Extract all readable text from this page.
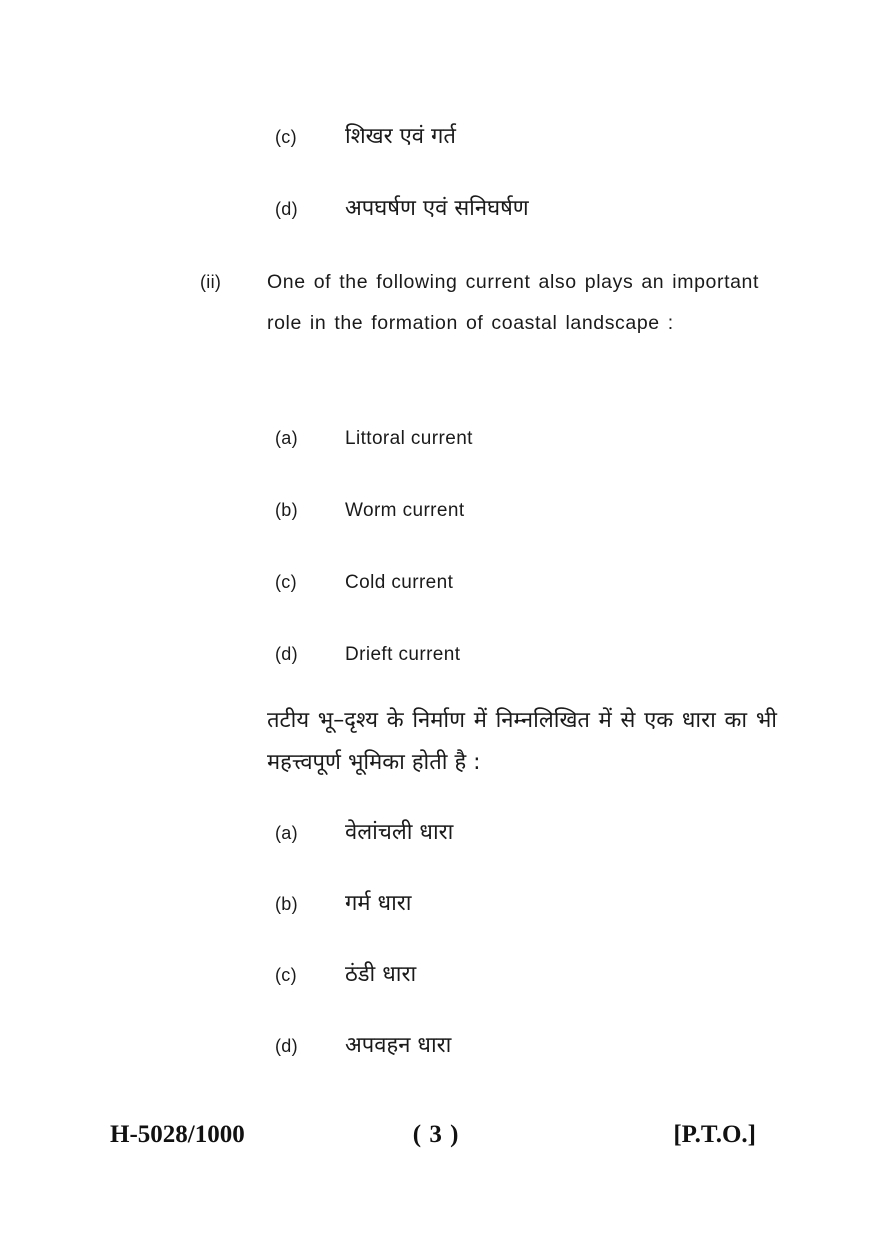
(c)	शिखर एवं गर्त
(d)	अपघर्षण एवं सनिघर्षण
(ii)	One of the following current also plays an important role in the formation of coastal landscape :
(a)	Littoral current
(b)	Worm current
(c)	Cold current
(d)	Drieft current
तटीय भू–दृश्य के निर्माण में निम्नलिखित में से एक धारा का भी महत्त्वपूर्ण भूमिका होती है :
(a)	वेलांचली धारा
(b)	गर्म धारा
(c)	ठंडी धारा
(d)	अपवहन धारा
H-5028/1000	( 3 )	[P.T.O.]
